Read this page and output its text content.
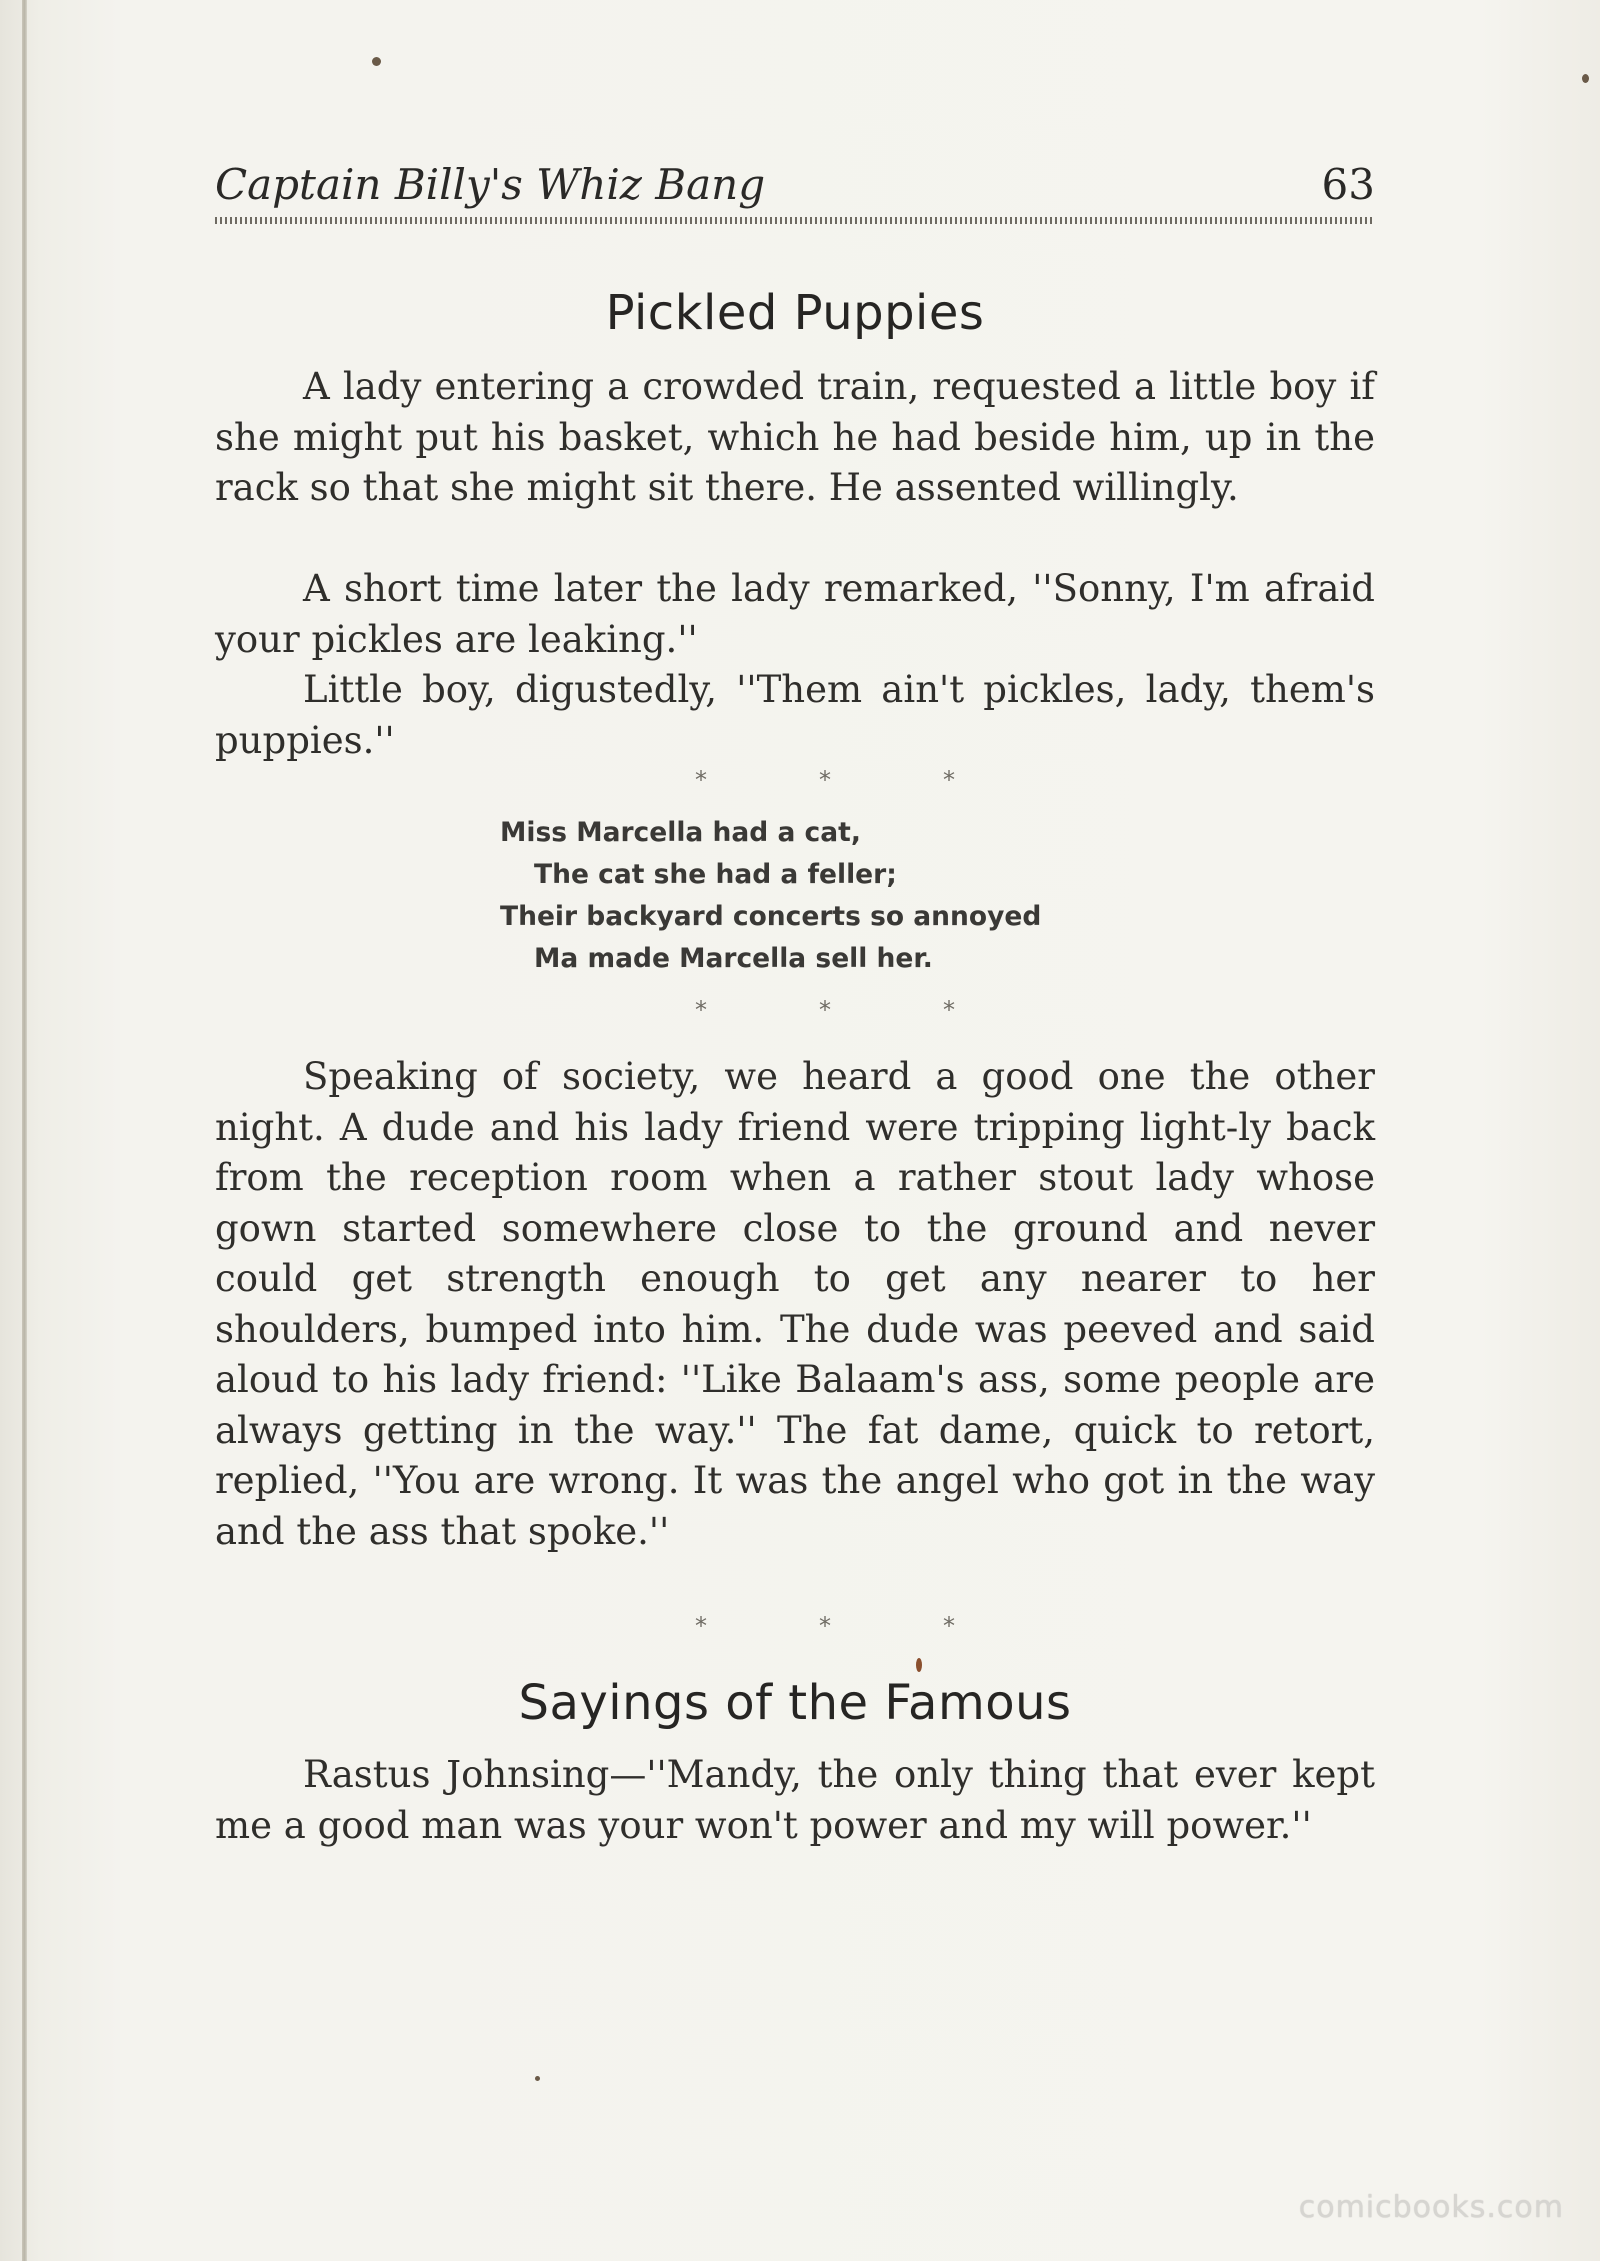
Captain Billy's Whiz Bang	63
Pickled Puppies
A lady entering a crowded train, requested a little boy if she might put his basket, which he had beside him, up in the rack so that she might sit there. He assented willingly.
A short time later the lady remarked, ''Sonny, I'm afraid your pickles are leaking.''
Little boy, digustedly, ''Them ain't pickles, lady, them's puppies.''
*	*	*
Miss Marcella had a cat,
The cat she had a feller;
Their backyard concerts so annoyed
Ma made Marcella sell her.
*	*	*
Speaking of society, we heard a good one the other night. A dude and his lady friend were tripping light-ly back from the reception room when a rather stout lady whose gown started somewhere close to the ground and never could get strength enough to get any nearer to her shoulders, bumped into him. The dude was peeved and said aloud to his lady friend: ''Like Balaam's ass, some people are always getting in the way.'' The fat dame, quick to retort, replied, ''You are wrong. It was the angel who got in the way and the ass that spoke.''
*	*	*
Sayings of the Famous
Rastus Johnsing—''Mandy, the only thing that ever kept me a good man was your won't power and my will power.''
comicbooks.com
